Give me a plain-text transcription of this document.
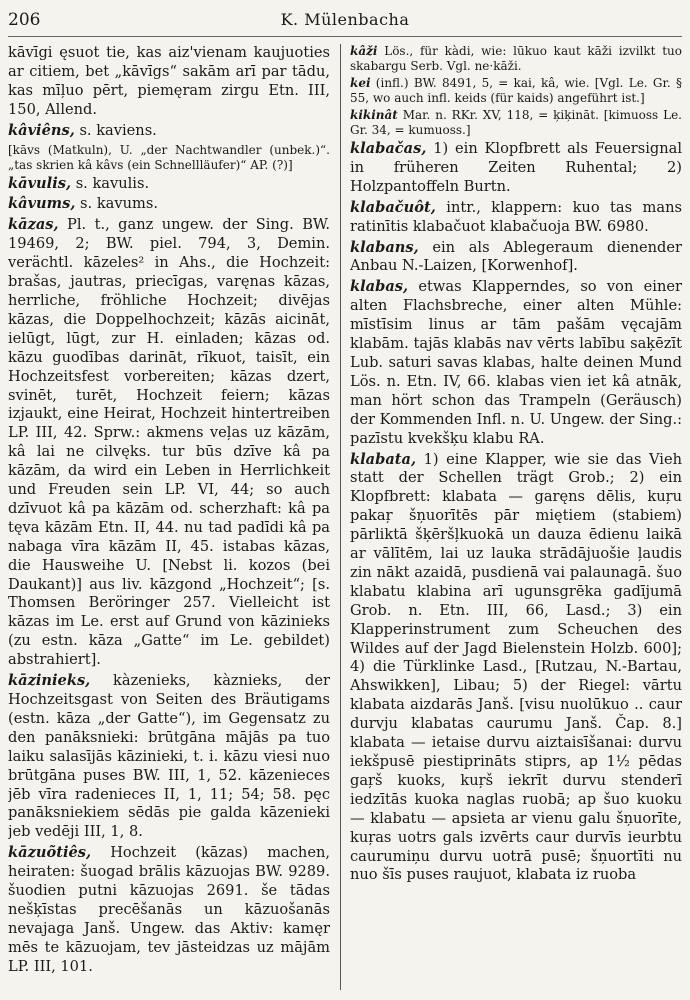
206	K. Mülenbacha
kāvīgi ęsuot tie, kas aiz'vienam kaujuoties ar citiem, bet „kāvīgs“ sakām arī par tādu, kas mīļuo pērt, piemęram zirgu Etn. III, 150, Allend.
kâviêns, s. kaviens.
[kāvs (Matkuln), U. „der Nachtwandler (unbek.)“. „tas skrien kâ kâvs (ein Schnellläufer)“ AP. (?)]
kāvulis, s. kavulis.
kâvums, s. kavums.
kāzas, Pl. t., ganz ungew. der Sing. BW. 19469, 2; BW. piel. 794, 3, Demin. verächtl. kāzeles² in Ahs., die Hochzeit: brašas, jautras, priecīgas, varęnas kāzas, herrliche, fröhliche Hochzeit; divējas kāzas, die Doppelhochzeit; kāzās aicināt, ielūgt, lūgt, zur H. einladen; kāzas od. kāzu guodības darināt, rīkuot, taisīt, ein Hochzeitsfest vorbereiten; kāzas dzert, svinēt, turēt, Hochzeit feiern; kāzas izjaukt, eine Heirat, Hochzeit hintertreiben LP. III, 42. Sprw.: akmens veļas uz kāzām, kâ lai ne cilvęks. tur būs dzīve kâ pa kāzām, da wird ein Leben in Herrlichkeit und Freuden sein LP. VI, 44; so auch dzīvuot kâ pa kāzām od. scherzhaft: kâ pa tęva kāzām Etn. II, 44. nu tad padīdi kâ pa nabaga vīra kāzām II, 45. istabas kāzas, die Hausweihe U. [Nebst li. kozos (bei Daukant)] aus liv. kāzgond „Hochzeit“; [s. Thomsen Beröringer 257. Vielleicht ist kāzas im Le. erst auf Grund von kāzinieks (zu estn. kāza „Gatte“ im Le. gebildet) abstrahiert].
kāzinieks, kàzenieks, kàznieks, der Hochzeitsgast von Seiten des Bräutigams (estn. kāza „der Gatte“), im Gegensatz zu den panāksniekі: brūtgāna mājās pa tuo laiku salasījās kāzinieki, t. i. kāzu viesi nuo brūtgāna puses BW. III, 1, 52. kāzenieces jēb vīra radenieces II, 1, 11; 54; 58. pęc panāksniekiem sēdās pie galda kāzenieki jeb vedēji III, 1, 8.
kāzuõtiês, Hochzeit (kāzas) machen, heiraten: šuogad brālis kāzuojas BW. 9289. šuodien putni kāzuojas 2691. še tādas nešķīstas precēšanās un kāzuošanās nevajaga Janš. Ungew. das Aktiv: kamęr mēs te kāzuojam, tev jāsteidzas uz mājām LP. III, 101.
kâži Lös., für kàdi, wie: lūkuo kaut kāži izvilkt tuo skabargu Serb. Vgl. ne·kāži.
kei (infl.) BW. 8491, 5, = kai, kâ, wie. [Vgl. Le. Gr. § 55, wo auch infl. keids (für kaids) angeführt ist.]
kikinât Mar. n. RKr. XV, 118, = ķiķināt. [kimuoss Le. Gr. 34, = kumuoss.]
klabačas, 1) ein Klopfbrett als Feuersignal in früheren Zeiten Ruhental; 2) Holzpantoffeln Burtn.
klabačuôt, intr., klappern: kuo tas mans ratinītis klabačuot klabačuoja BW. 6980.
klabans, ein als Ablegeraum dienender Anbau N.-Laizen, [Korwenhof].
klabas, etwas Klapperndes, so von einer alten Flachsbreche, einer alten Mühle: mīstīsim linus ar tām pašām vęcajām klabām. tajās klabās nav vērts labību saķēzīt Lub. saturi savas klabas, halte deinen Mund Lös. n. Etn. IV, 66. klabas vien iet kâ atnāk, man hört schon das Trampeln (Geräusch) der Kommenden Infl. n. U. Ungew. der Sing.: pazīstu kvekšķu klabu RA.
klabata, 1) eine Klapper, wie sie das Vieh statt der Schellen trägt Grob.; 2) ein Klopfbrett: klabata — garęns dēlis, kuŗu pakaŗ šņuorītēs pār miętiem (stabiem) pārliktā šķēršļkuokā un dauza ēdienu laikā ar vālītēm, lai uz lauka strādājuošie ļaudis zin nākt azaidā, pusdienā vai palaunagā. šuo klabatu klabina arī ugunsgrēka gadījumā Grob. n. Etn. III, 66, Lasd.; 3) ein Klapperinstrument zum Scheuchen des Wildes auf der Jagd Bielenstein Holzb. 600]; 4) die Türklinke Lasd., [Rutzau, N.-Bartau, Ahswikken], Libau; 5) der Riegel: vārtu klabata aizdarās Janš. [visu nuolūkuo .. caur durvju klabatas caurumu Janš. Čap. 8.] klabata — ietaise durvu aiztaisīšanai: durvu iekšpusē piestiprināts stiprs, ap 1½ pēdas gaŗš kuoks, kuŗš iekrīt durvu stenderī iedzītās kuoka naglas ruobā; ap šuo kuoku — klabatu — apsieta ar vienu galu šņuorīte, kuŗas uotrs gals izvērts caur durvīs ieurbtu caurumiņu durvu uotrā pusē; šņuortīti nu nuo šīs puses raujuot, klabata iz ruoba
